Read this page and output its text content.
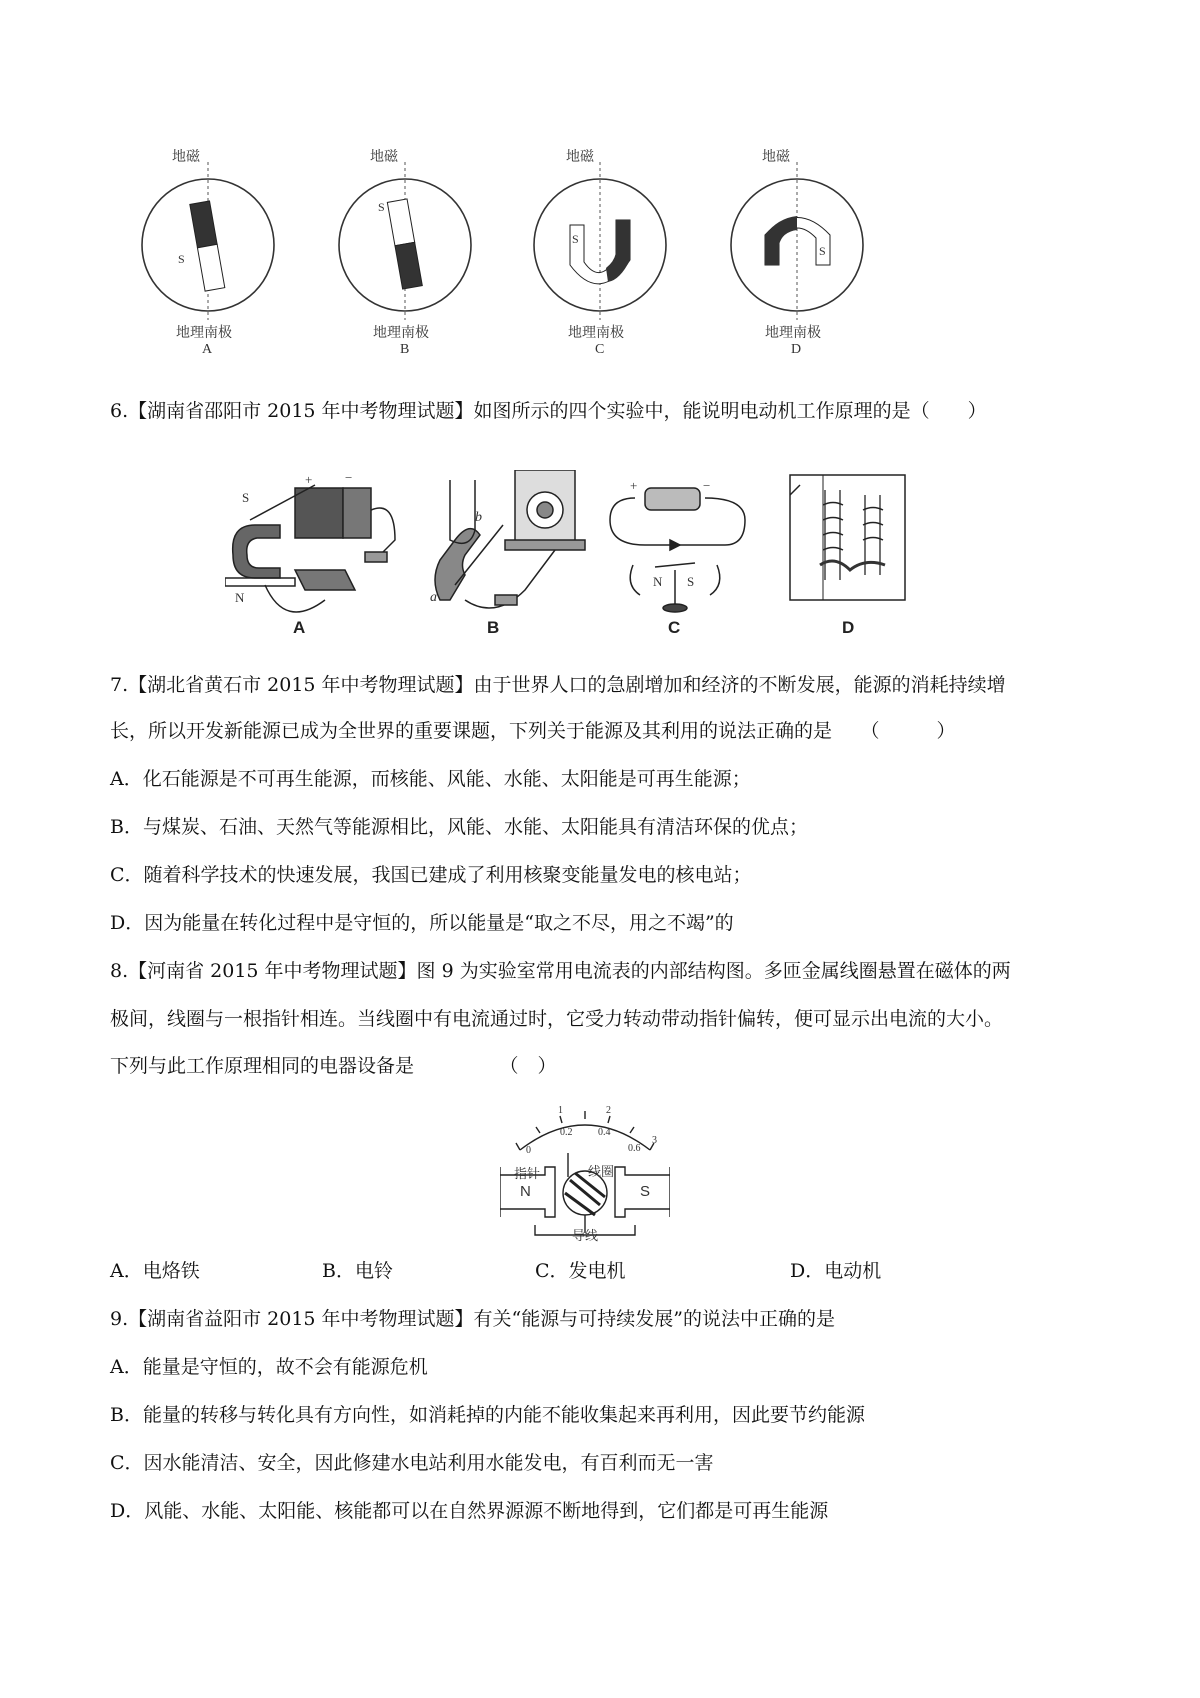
地磁	地磁	地磁	地磁
S
S
S
S
地理南极	地理南极	地理南极	地理南极
A	B	C	D
6.【湖南省邵阳市 2015 年中考物理试题】如图所示的四个实验中，能说明电动机工作原理的是（　　）
S
N
+	−
b
a
+	−
N S
A	B	C	D
7.【湖北省黄石市 2015 年中考物理试题】由于世界人口的急剧增加和经济的不断发展，能源的消耗持续增
长，所以开发新能源已成为全世界的重要课题，下列关于能源及其利用的说法正确的是　　（　　　）
A．化石能源是不可再生能源，而核能、风能、水能、太阳能是可再生能源；
B．与煤炭、石油、天然气等能源相比，风能、水能、太阳能具有清洁环保的优点；
C．随着科学技术的快速发展，我国已建成了利用核聚变能量发电的核电站；
D．因为能量在转化过程中是守恒的，所以能量是“取之不尽，用之不竭”的
8.【河南省 2015 年中考物理试题】图 9 为实验室常用电流表的内部结构图。多匝金属线圈悬置在磁体的两
极间，线圈与一根指针相连。当线圈中有电流通过时，它受力转动带动指针偏转，便可显示出电流的大小。
下列与此工作原理相同的电器设备是　　　　　（　）
指针	线圈
N	S
导线
1	2
3
0
0.2	0.4
0.6
A．电烙铁	B．电铃	C．发电机	D．电动机
9.【湖南省益阳市 2015 年中考物理试题】有关“能源与可持续发展”的说法中正确的是
A．能量是守恒的，故不会有能源危机
B．能量的转移与转化具有方向性，如消耗掉的内能不能收集起来再利用，因此要节约能源
C．因水能清洁、安全，因此修建水电站利用水能发电，有百利而无一害
D．风能、水能、太阳能、核能都可以在自然界源源不断地得到，它们都是可再生能源
